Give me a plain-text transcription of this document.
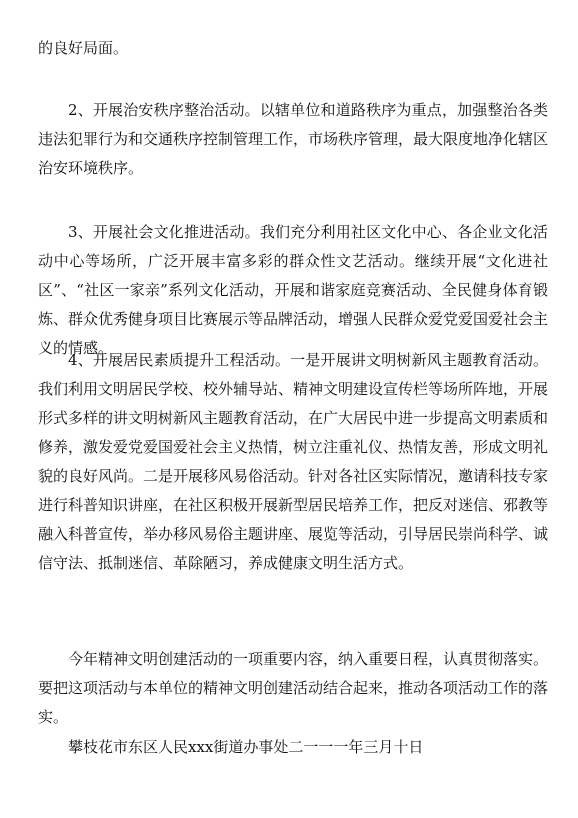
的良好局面。

2、开展治安秩序整治活动。以辖单位和道路秩序为重点，加强整治各类违法犯罪行为和交通秩序控制管理工作，市场秩序管理，最大限度地净化辖区治安环境秩序。

3、开展社会文化推进活动。我们充分利用社区文化中心、各企业文化活动中心等场所，广泛开展丰富多彩的群众性文艺活动。继续开展“文化进社区”、“社区一家亲”系列文化活动，开展和谐家庭竞赛活动、全民健身体育锻炼、群众优秀健身项目比赛展示等品牌活动，增强人民群众爱党爱国爱社会主义的情感。

4、开展居民素质提升工程活动。一是开展讲文明树新风主题教育活动。我们利用文明居民学校、校外辅导站、精神文明建设宣传栏等场所阵地，开展形式多样的讲文明树新风主题教育活动，在广大居民中进一步提高文明素质和修养，激发爱党爱国爱社会主义热情，树立注重礼仪、热情友善，形成文明礼貌的良好风尚。二是开展移风易俗活动。针对各社区实际情况，邀请科技专家进行科普知识讲座，在社区积极开展新型居民培养工作，把反对迷信、邪教等融入科普宣传，举办移风易俗主题讲座、展览等活动，引导居民崇尚科学、诚信守法、抵制迷信、革除陋习，养成健康文明生活方式。

今年精神文明创建活动的一项重要内容，纳入重要日程，认真贯彻落实。要把这项活动与本单位的精神文明创建活动结合起来，推动各项活动工作的落实。

攀枝花市东区人民xxx街道办事处二一一一年三月十日
